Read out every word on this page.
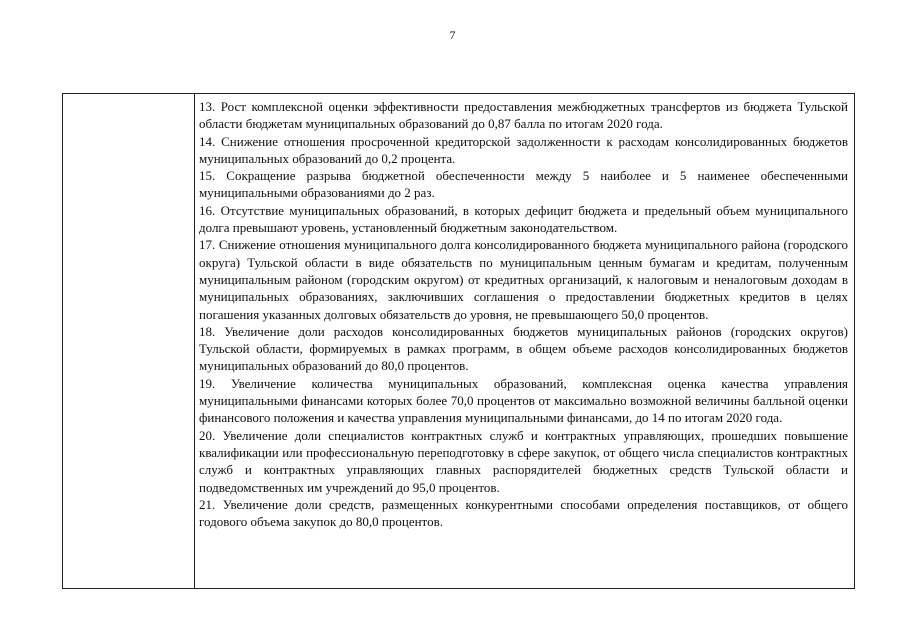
7

13. Рост комплексной оценки эффективности предоставления межбюджетных трансфертов из бюджета Тульской области бюджетам муниципальных образований до 0,87 балла по итогам 2020 года.

14. Снижение отношения просроченной кредиторской задолженности к расходам консолидированных бюджетов муниципальных образований до 0,2 процента.

15. Сокращение разрыва бюджетной обеспеченности между 5 наиболее и 5 наименее обеспеченными муниципальными образованиями до 2 раз.

16. Отсутствие муниципальных образований, в которых дефицит бюджета и предельный объем муниципального долга превышают уровень, установленный бюджетным законодательством.

17. Снижение отношения муниципального долга консолидированного бюджета муниципального района (городского округа) Тульской области в виде обязательств по муниципальным ценным бумагам и кредитам, полученным муниципальным районом (городским округом) от кредитных организаций, к налоговым и неналоговым доходам в муниципальных образованиях, заключивших соглашения о предоставлении бюджетных кредитов в целях погашения указанных долговых обязательств до уровня, не превышающего 50,0 процентов.

18. Увеличение доли расходов консолидированных бюджетов муниципальных районов (городских округов) Тульской области, формируемых в рамках программ, в общем объеме расходов консолидированных бюджетов муниципальных образований до 80,0 процентов.

19. Увеличение количества муниципальных образований, комплексная оценка качества управления муниципальными финансами которых более 70,0 процентов от максимально возможной величины балльной оценки финансового положения и качества управления муниципальными финансами, до 14 по итогам 2020 года.

20. Увеличение доли специалистов контрактных служб и контрактных управляющих, прошедших повышение квалификации или профессиональную переподготовку в сфере закупок, от общего числа специалистов контрактных служб и контрактных управляющих главных распорядителей бюджетных средств Тульской области и подведомственных им учреждений до 95,0 процентов.

21. Увеличение доли средств, размещенных конкурентными способами определения поставщиков, от общего годового объема закупок до 80,0 процентов.
